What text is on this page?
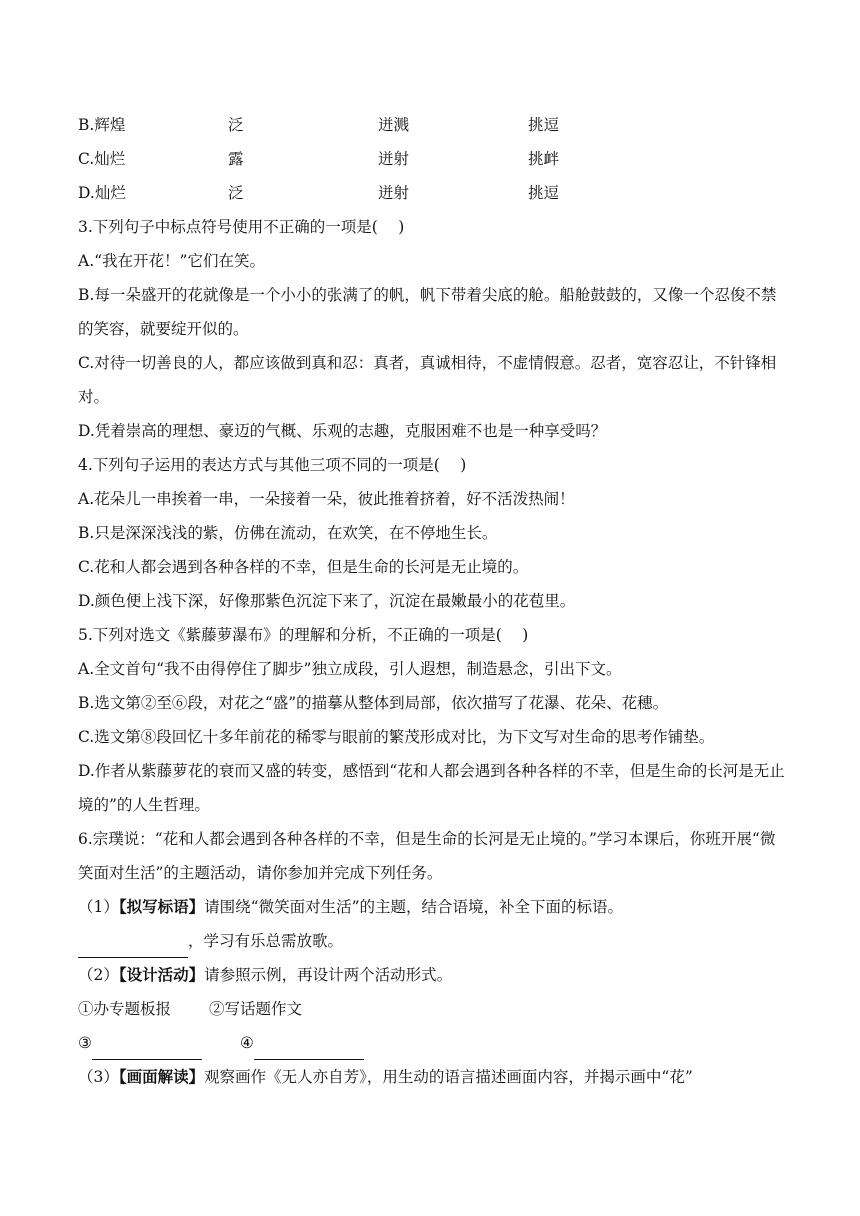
B.辉煌	泛	迸溅	挑逗
C.灿烂	露	迸射	挑衅
D.灿烂	泛	迸射	挑逗
3.下列句子中标点符号使用不正确的一项是(　 )
A.“我在开花！”它们在笑。
B.每一朵盛开的花就像是一个小小的张满了的帆，帆下带着尖底的舱。船舱鼓鼓的，又像一个忍俊不禁的笑容，就要绽开似的。
C.对待一切善良的人，都应该做到真和忍：真者，真诚相待，不虚情假意。忍者，宽容忍让，不针锋相对。
D.凭着崇高的理想、豪迈的气概、乐观的志趣，克服困难不也是一种享受吗？
4.下列句子运用的表达方式与其他三项不同的一项是(　 )
A.花朵儿一串挨着一串，一朵接着一朵，彼此推着挤着，好不活泼热闹！
B.只是深深浅浅的紫，仿佛在流动，在欢笑，在不停地生长。
C.花和人都会遇到各种各样的不幸，但是生命的长河是无止境的。
D.颜色便上浅下深，好像那紫色沉淀下来了，沉淀在最嫩最小的花苞里。
5.下列对选文《紫藤萝瀑布》的理解和分析，不正确的一项是(　 )
A.全文首句“我不由得停住了脚步”独立成段，引人遐想，制造悬念，引出下文。
B.选文第②至⑥段，对花之“盛”的描摹从整体到局部，依次描写了花瀑、花朵、花穗。
C.选文第⑧段回忆十多年前花的稀零与眼前的繁茂形成对比，为下文写对生命的思考作铺垫。
D.作者从紫藤萝花的衰而又盛的转变，感悟到“花和人都会遇到各种各样的不幸，但是生命的长河是无止境的”的人生哲理。
6.宗璞说：“花和人都会遇到各种各样的不幸，但是生命的长河是无止境的。”学习本课后，你班开展“微笑面对生活”的主题活动，请你参加并完成下列任务。
（1）【拟写标语】请围绕“微笑面对生活”的主题，结合语境，补全下面的标语。
，学习有乐总需放歌。
（2）【设计活动】请参照示例，再设计两个活动形式。
①办专题板报 ②写话题作文
③	④
（3）【画面解读】观察画作《无人亦自芳》，用生动的语言描述画面内容，并揭示画中“花”
